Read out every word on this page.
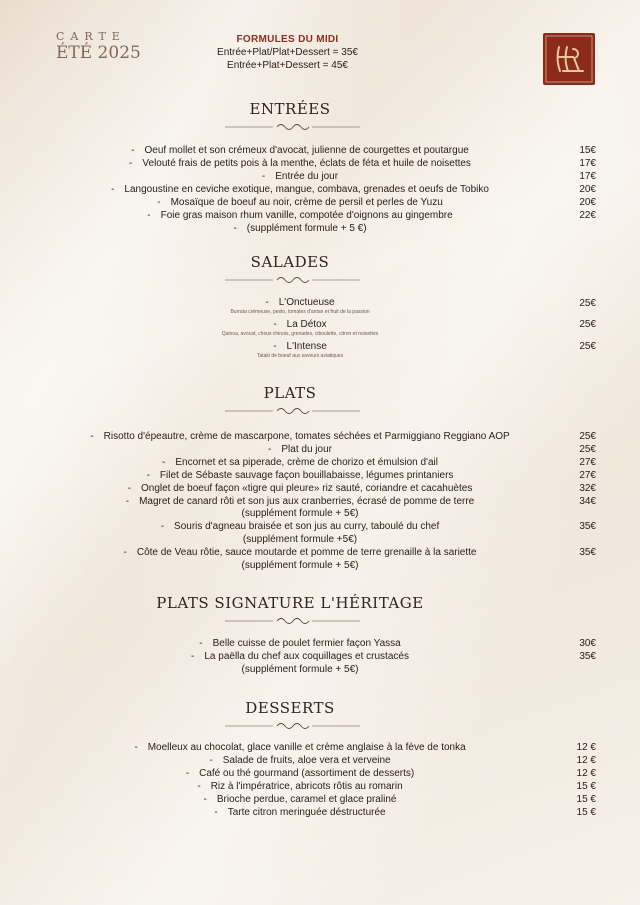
CARTE
ÉTÉ 2025
FORMULES DU MIDI
Entrée+Plat/Plat+Dessert = 35€
Entrée+Plat+Dessert = 45€
ENTRÉES
- Oeuf mollet et son crémeux d'avocat, julienne de courgettes et poutargue	15€
- Velouté frais de petits pois à la menthe, éclats de féta et huile de noisettes	17€
- Entrée du jour	17€
- Langoustine en ceviche exotique, mangue, combava, grenades et oeufs de Tobiko	20€
- Mosaïque de boeuf au noir, crème de persil et perles de Yuzu	20€
- Foie gras maison rhum vanille, compotée d'oignons au gingembre	22€
- (supplément formule + 5 €)
SALADES
- L'Onctueuse	25€
Burrata crémeuse, pesto, tomates d'antan et fruit de la passion
- La Détox	25€
Quinoa, avocat, choux chinois, grenades, ciboulette, citron et noisettes
- L'Intense	25€
Tataki de boeuf aux saveurs asiatiques
PLATS
- Risotto d'épeautre, crème de mascarpone, tomates séchées et Parmiggiano Reggiano AOP	25€
- Plat du jour	25€
- Encornet et sa piperade, crème de chorizo et émulsion d'ail	27€
- Filet de Sébaste sauvage façon bouillabaisse, légumes printaniers	27€
- Onglet de boeuf façon «tigre qui pleure» riz sauté, coriandre et cacahuètes	32€
- Magret de canard rôti et son jus aux cranberries, écrasé de pomme de terre	34€
(supplément formule + 5€)
- Souris d'agneau braisée et son jus au curry, taboulé du chef	35€
(supplément formule +5€)
- Côte de Veau rôtie, sauce moutarde et pomme de terre grenaille à la sariette	35€
(supplément formule + 5€)
PLATS SIGNATURE L'HÉRITAGE
- Belle cuisse de poulet fermier façon Yassa	30€
- La paëlla du chef aux coquillages et crustacés	35€
(supplément formule + 5€)
DESSERTS
- Moelleux au chocolat, glace vanille et crème anglaise à la fève de tonka	12 €
- Salade de fruits, aloe vera et verveine	12 €
- Café ou thé gourmand (assortiment de desserts)	12 €
- Riz à l'impératrice, abricots rôtis au romarin	15 €
- Brioche perdue, caramel et glace praliné	15 €
- Tarte citron meringuée déstructurée	15 €
